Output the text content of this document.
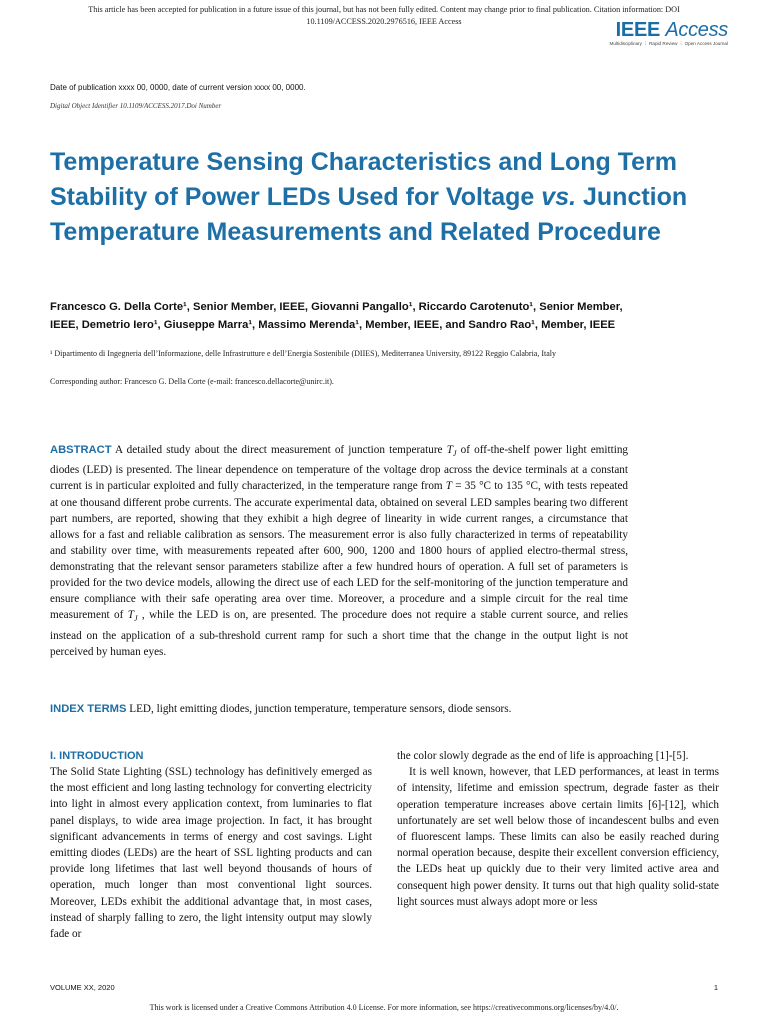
This article has been accepted for publication in a future issue of this journal, but has not been fully edited. Content may change prior to final publication. Citation information: DOI 10.1109/ACCESS.2020.2976516, IEEE Access	IEEE Access
Multidisciplinary ⋮ Rapid Review ⋮ Open Access Journal
Date of publication xxxx 00, 0000, date of current version xxxx 00, 0000.
Digital Object Identifier 10.1109/ACCESS.2017.Doi Number
Temperature Sensing Characteristics and Long Term Stability of Power LEDs Used for Voltage vs. Junction Temperature Measurements and Related Procedure
Francesco G. Della Corte¹, Senior Member, IEEE, Giovanni Pangallo¹, Riccardo Carotenuto¹, Senior Member, IEEE, Demetrio Iero¹, Giuseppe Marra¹, Massimo Merenda¹, Member, IEEE, and Sandro Rao¹, Member, IEEE
¹ Dipartimento di Ingegneria dell’Informazione, delle Infrastrutture e dell’Energia Sostenibile (DIIES), Mediterranea University, 89122 Reggio Calabria, Italy
Corresponding author: Francesco G. Della Corte (e-mail: francesco.dellacorte@unirc.it).
ABSTRACT A detailed study about the direct measurement of junction temperature $T_J$ of off-the-shelf power light emitting diodes (LED) is presented. The linear dependence on temperature of the voltage drop across the device terminals at a constant current is in particular exploited and fully characterized, in the temperature range from T = 35 °C to 135 °C, with tests repeated at one thousand different probe currents. The accurate experimental data, obtained on several LED samples bearing two different part numbers, are reported, showing that they exhibit a high degree of linearity in wide current ranges, a circumstance that allows for a fast and reliable calibration as sensors. The measurement error is also fully characterized in terms of repeatability and stability over time, with measurements repeated after 600, 900, 1200 and 1800 hours of applied electro-thermal stress, demonstrating that the relevant sensor parameters stabilize after a few hundred hours of operation. A full set of parameters is provided for the two device models, allowing the direct use of each LED for the self-monitoring of the junction temperature and ensure compliance with their safe operating area over time. Moreover, a procedure and a simple circuit for the real time measurement of $T_J$ , while the LED is on, are presented. The procedure does not require a stable current source, and relies instead on the application of a sub-threshold current ramp for such a short time that the change in the output light is not perceived by human eyes.
INDEX TERMS LED, light emitting diodes, junction temperature, temperature sensors, diode sensors.
I. INTRODUCTION

The Solid State Lighting (SSL) technology has definitively emerged as the most efficient and long lasting technology for converting electricity into light in almost every application context, from luminaries to flat panel displays, to wide area image projection. In fact, it has brought significant advancements in terms of energy and cost savings. Light emitting diodes (LEDs) are the heart of SSL lighting products and can provide long lifetimes that last well beyond thousands of hours of operation, much longer than most conventional light sources. Moreover, LEDs exhibit the additional advantage that, in most cases, instead of sharply falling to zero, the light intensity output may slowly fade or

the color slowly degrade as the end of life is approaching [1]-[5].

It is well known, however, that LED performances, at least in terms of intensity, lifetime and emission spectrum, degrade faster as their operation temperature increases above certain limits [6]-[12], which unfortunately are set well below those of incandescent bulbs and even of fluorescent lamps. These limits can also be easily reached during normal operation because, despite their excellent conversion efficiency, the LEDs heat up quickly due to their very limited active area and consequent high power density. It turns out that high quality solid-state light sources must always adopt more or less

VOLUME XX, 2020	1
This work is licensed under a Creative Commons Attribution 4.0 License. For more information, see https://creativecommons.org/licenses/by/4.0/.
